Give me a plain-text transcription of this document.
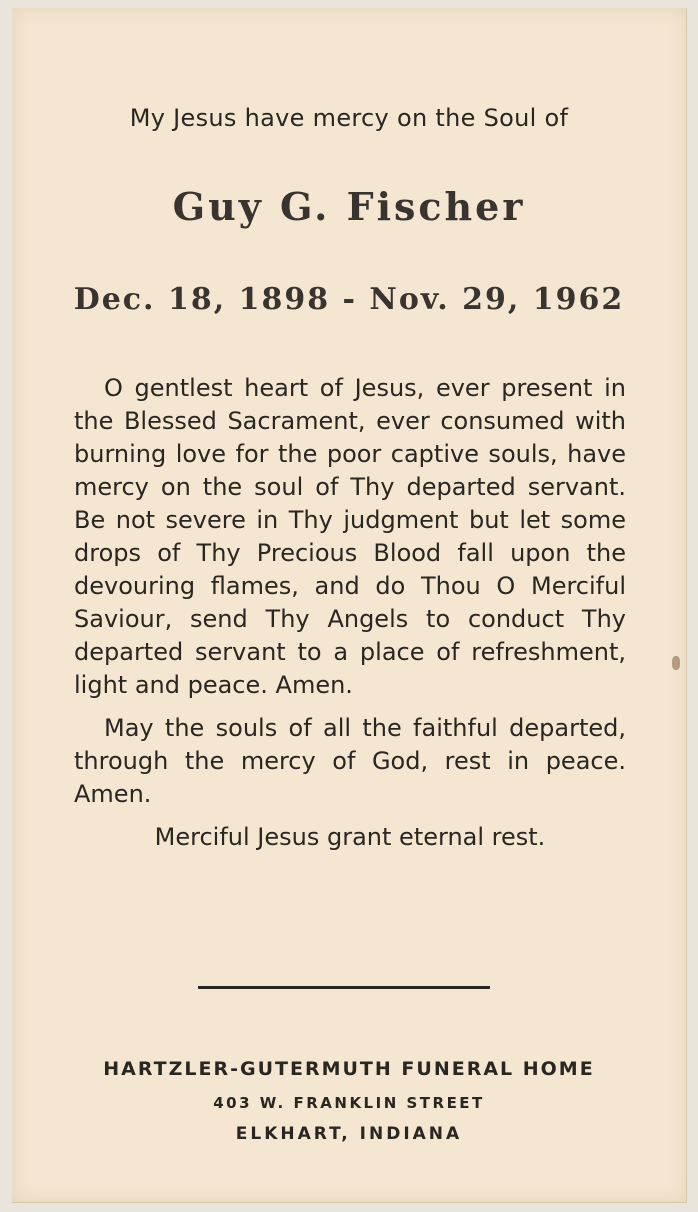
My Jesus have mercy on the Soul of
Guy G. Fischer
Dec. 18, 1898 - Nov. 29, 1962

O gentlest heart of Jesus, ever present in the Blessed Sacrament, ever consumed with burning love for the poor captive souls, have mercy on the soul of Thy departed servant. Be not severe in Thy judgment but let some drops of Thy Precious Blood fall upon the devouring flames, and do Thou O Merciful Saviour, send Thy Angels to conduct Thy departed servant to a place of refreshment, light and peace. Amen.

May the souls of all the faithful departed, through the mercy of God, rest in peace. Amen.

Merciful Jesus grant eternal rest.

HARTZLER-GUTERMUTH FUNERAL HOME
403 W. FRANKLIN STREET
ELKHART, INDIANA
